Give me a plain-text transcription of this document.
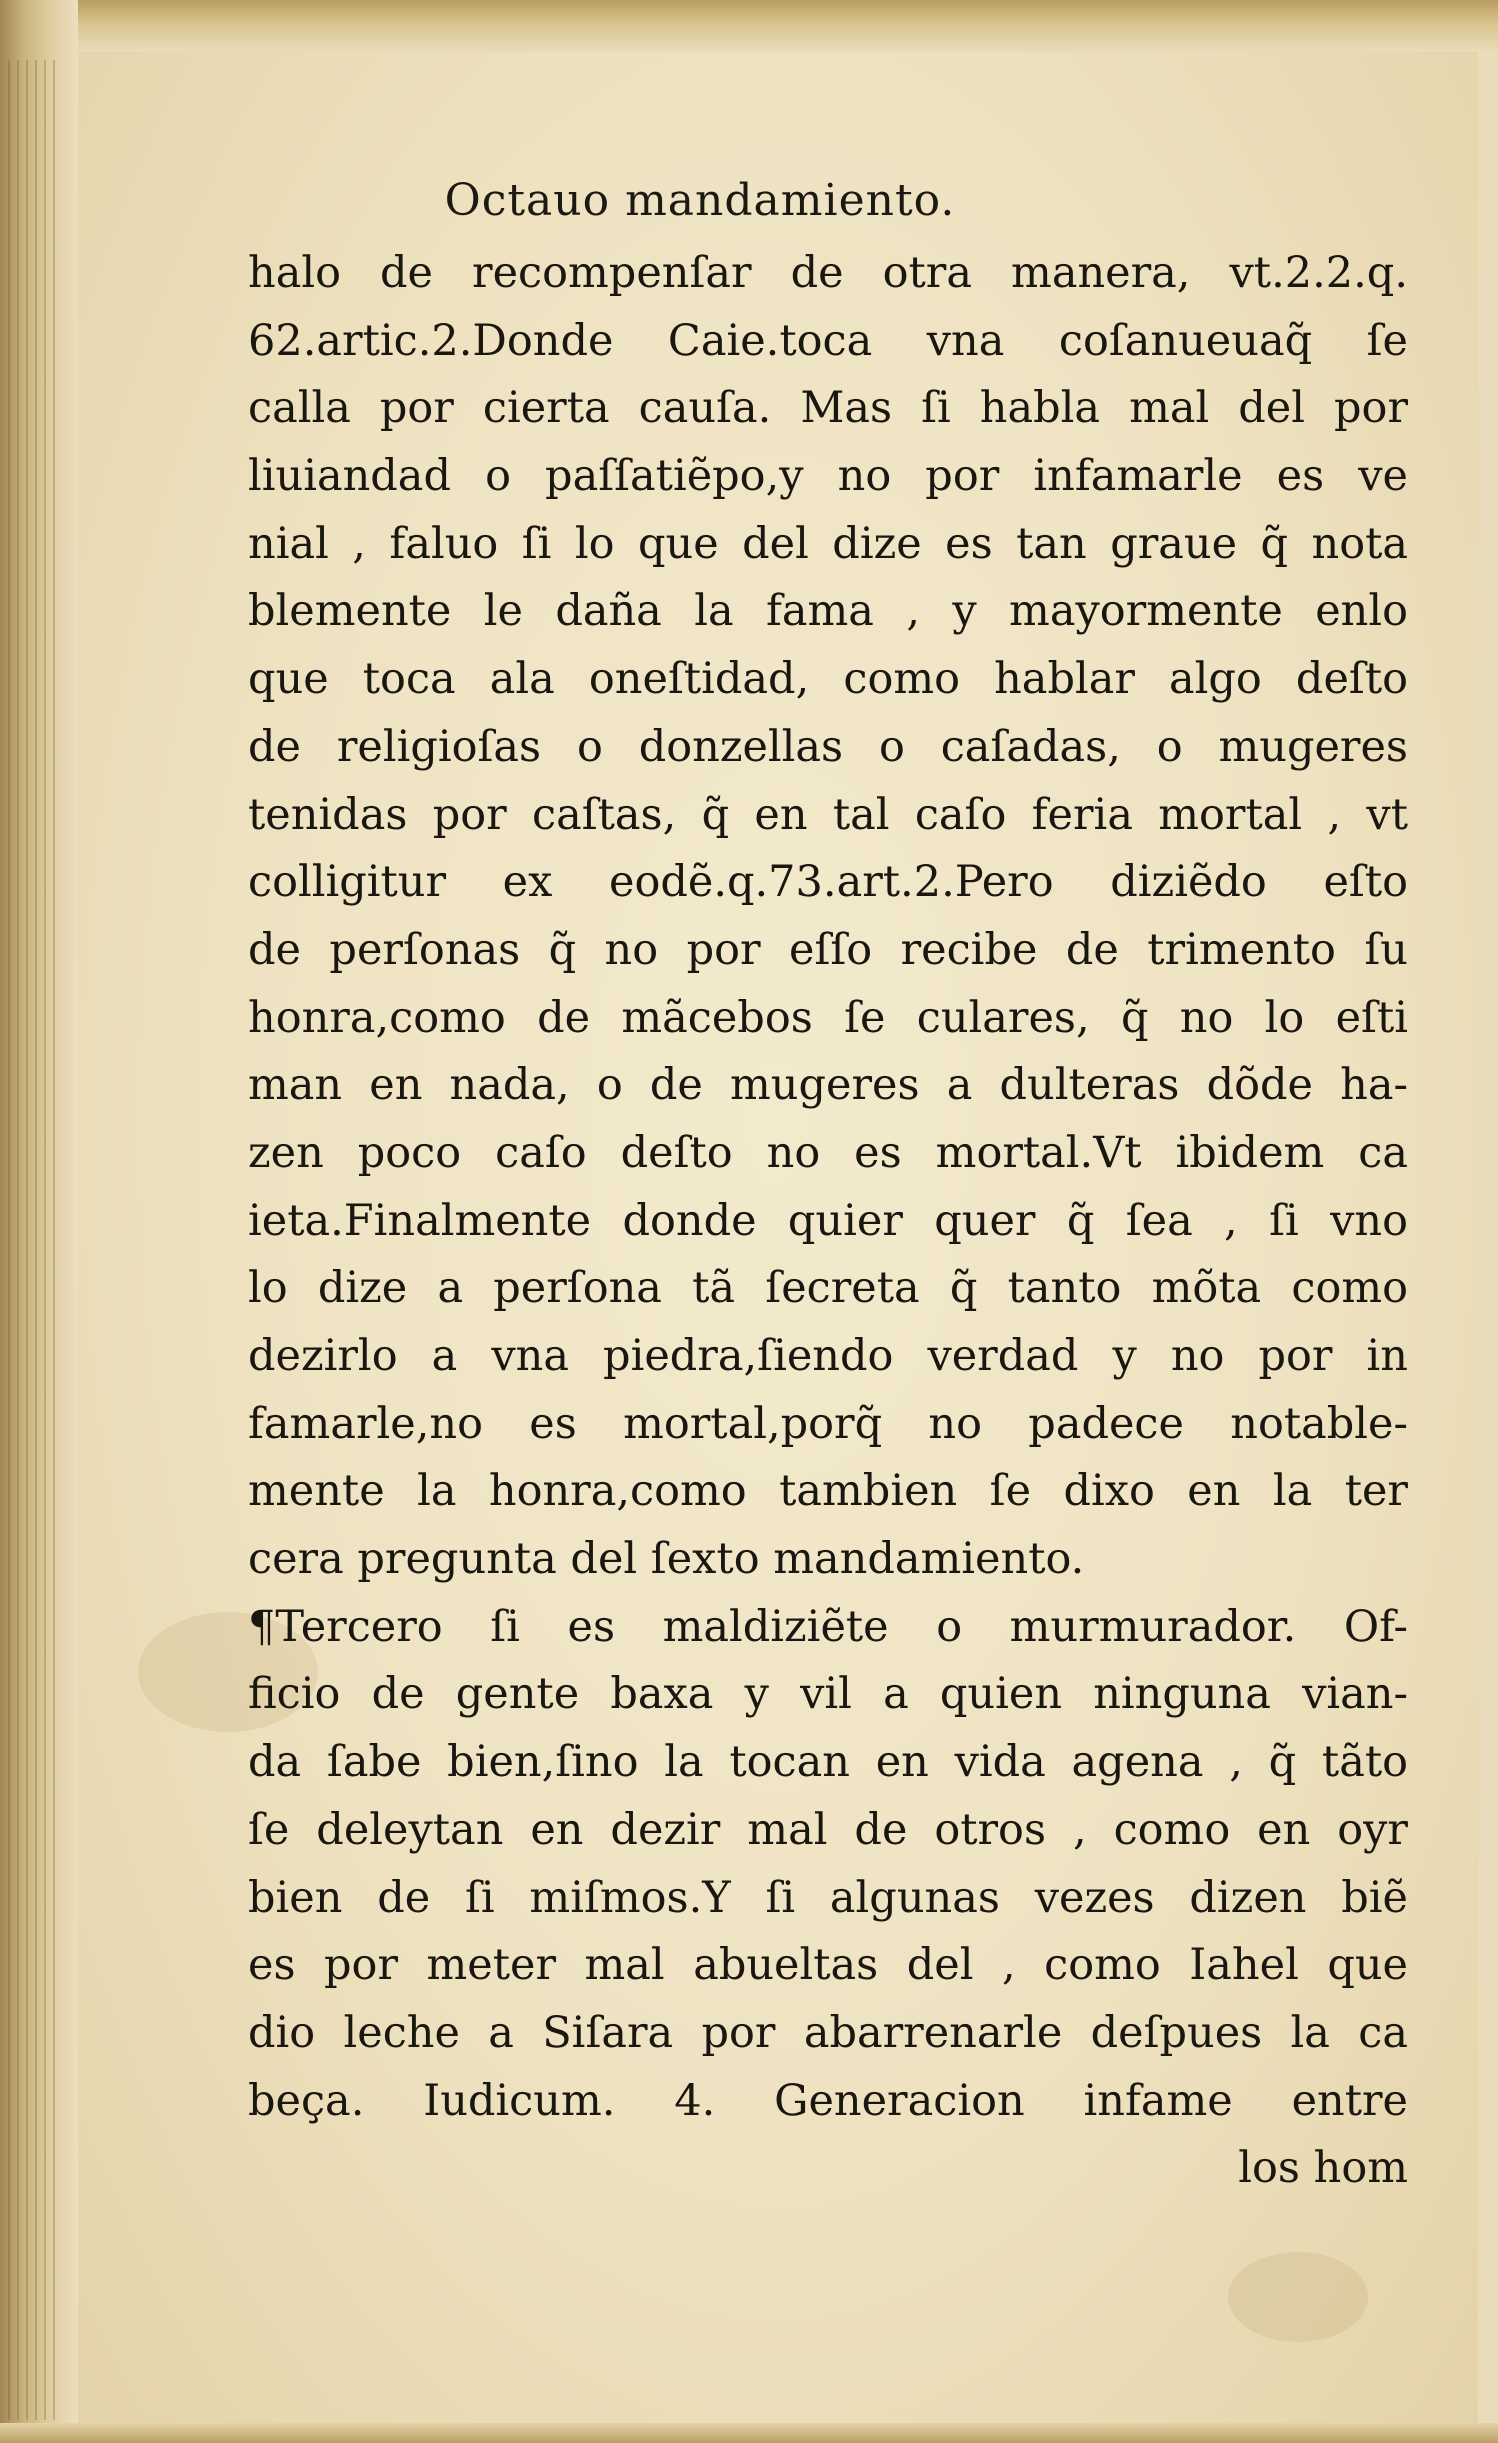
Octauo mandamiento.
halo de recompenſar de otra manera, vt.2.2.q.
62.artic.2.Donde Caie.toca vna coſanueuaq̃ ſe
calla por cierta cauſa. Mas ſi habla mal del por
liuiandad o paſſatiẽpo,y no por infamarle es ve
nial , faluo ſi lo que del dize es tan graue q̃ nota
blemente le daña la fama , y mayormente enlo
que toca ala oneſtidad, como hablar algo deſto
de religioſas o donzellas o caſadas, o mugeres
tenidas por caſtas, q̃ en tal caſo feria mortal , vt
colligitur ex eodẽ.q.73.art.2.Pero diziẽdo eſto
de perſonas q̃ no por eſſo recibe de trimento ſu
honra,como de mãcebos ſe culares, q̃ no lo eſti
man en nada, o de mugeres a dulteras dõde ha-
zen poco caſo deſto no es mortal.Vt ibidem ca
ieta.Finalmente donde quier quer q̃ ſea , ſi vno
lo dize a perſona tã ſecreta q̃ tanto mõta como
dezirlo a vna piedra,ſiendo verdad y no por in
famarle,no es mortal,porq̃ no padece notable-
mente la honra,como tambien ſe dixo en la ter
cera pregunta del ſexto mandamiento.
¶Tercero ſi es maldiziẽte o murmurador. Of-
ficio de gente baxa y vil a quien ninguna vian-
da ſabe bien,ſino la tocan en vida agena , q̃ tãto
ſe deleytan en dezir mal de otros , como en oyr
bien de ſi miſmos.Y ſi algunas vezes dizen biẽ
es por meter mal abueltas del , como Iahel que
dio leche a Siſara por abarrenarle deſpues la ca
beça. Iudicum. 4. Generacion infame entre
los hom
